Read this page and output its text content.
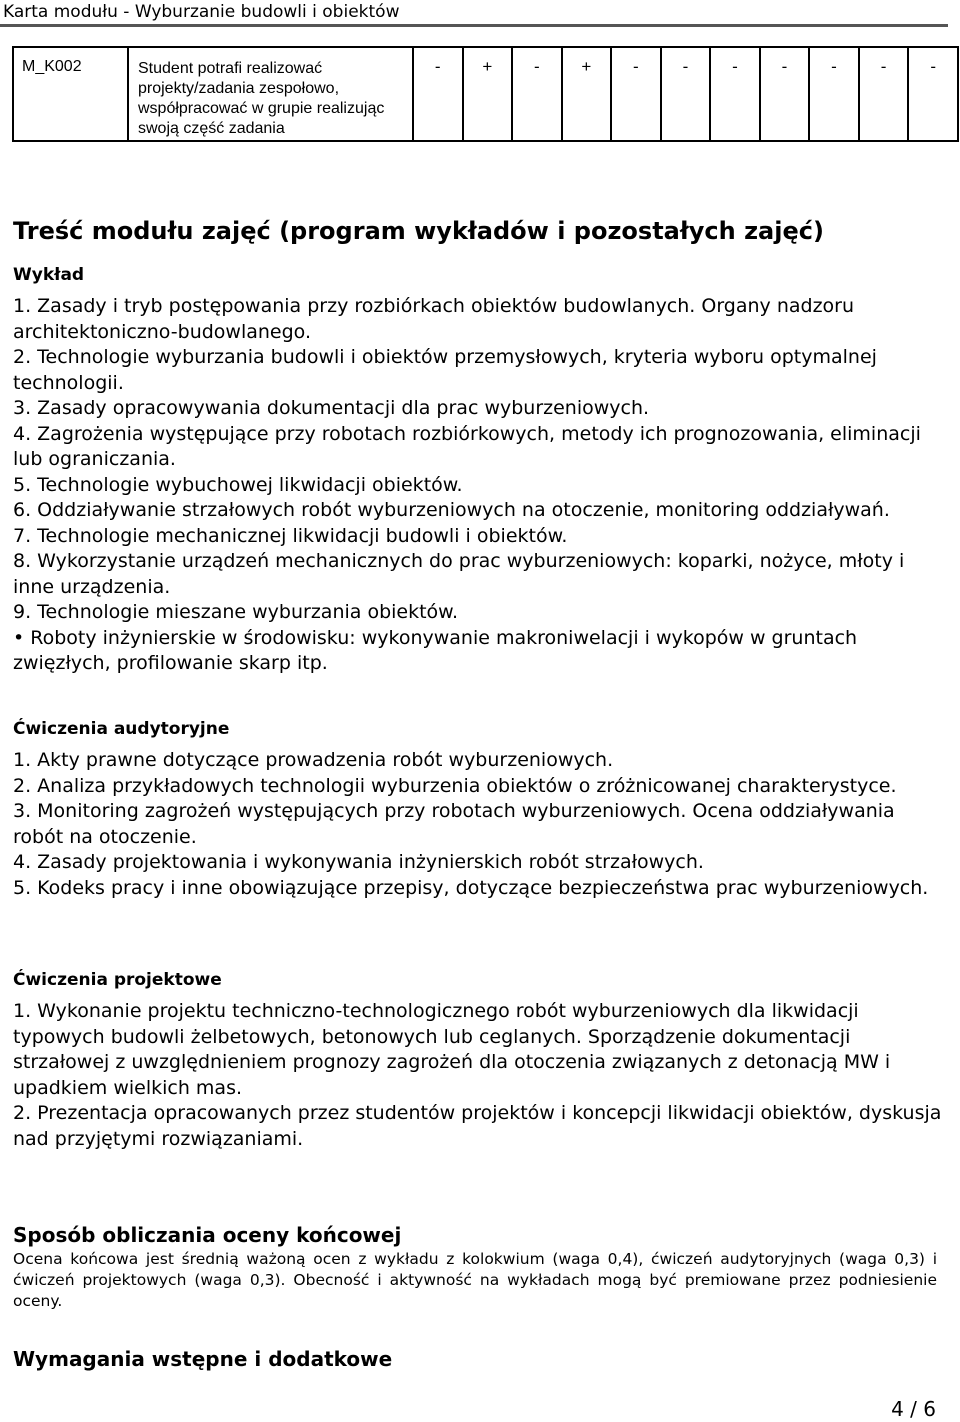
Karta modułu - Wyburzanie budowli i obiektów
M_K002	Student potrafi realizować projekty/zadania zespołowo, współpracować w grupie realizując swoją część zadania	-	+	-	+	-	-	-	-	-	-	-
Treść modułu zajęć (program wykładów i pozostałych zajęć)
Wykład

1. Zasady i tryb postępowania przy rozbiórkach obiektów budowlanych. Organy nadzoru architektoniczno-budowlanego.

2. Technologie wyburzania budowli i obiektów przemysłowych, kryteria wyboru optymalnej technologii.

3. Zasady opracowywania dokumentacji dla prac wyburzeniowych.

4. Zagrożenia występujące przy robotach rozbiórkowych, metody ich prognozowania, eliminacji lub ograniczania.

5. Technologie wybuchowej likwidacji obiektów.

6. Oddziaływanie strzałowych robót wyburzeniowych na otoczenie, monitoring oddziaływań.

7. Technologie mechanicznej likwidacji budowli i obiektów.

8. Wykorzystanie urządzeń mechanicznych do prac wyburzeniowych: koparki, nożyce, młoty i inne urządzenia.

9. Technologie mieszane wyburzania obiektów.

• Roboty inżynierskie w środowisku: wykonywanie makroniwelacji i wykopów w gruntach zwięzłych, profilowanie skarp itp.

Ćwiczenia audytoryjne

1. Akty prawne dotyczące prowadzenia robót wyburzeniowych.

2. Analiza przykładowych technologii wyburzenia obiektów o zróżnicowanej charakterystyce.

3. Monitoring zagrożeń występujących przy robotach wyburzeniowych. Ocena oddziaływania robót na otoczenie.

4. Zasady projektowania i wykonywania inżynierskich robót strzałowych.

5. Kodeks pracy i inne obowiązujące przepisy, dotyczące bezpieczeństwa prac wyburzeniowych.

Ćwiczenia projektowe

1. Wykonanie projektu techniczno-technologicznego robót wyburzeniowych dla likwidacji typowych budowli żelbetowych, betonowych lub ceglanych. Sporządzenie dokumentacji strzałowej z uwzględnieniem prognozy zagrożeń dla otoczenia związanych z detonacją MW i upadkiem wielkich mas.

2. Prezentacja opracowanych przez studentów projektów i koncepcji likwidacji obiektów, dyskusja nad przyjętymi rozwiązaniami.

Sposób obliczania oceny końcowej

Ocena końcowa jest średnią ważoną ocen z wykładu z kolokwium (waga 0,4), ćwiczeń audytoryjnych (waga 0,3) i ćwiczeń projektowych (waga 0,3). Obecność i aktywność na wykładach mogą być premiowane przez podniesienie oceny.

Wymagania wstępne i dodatkowe
4 / 6
